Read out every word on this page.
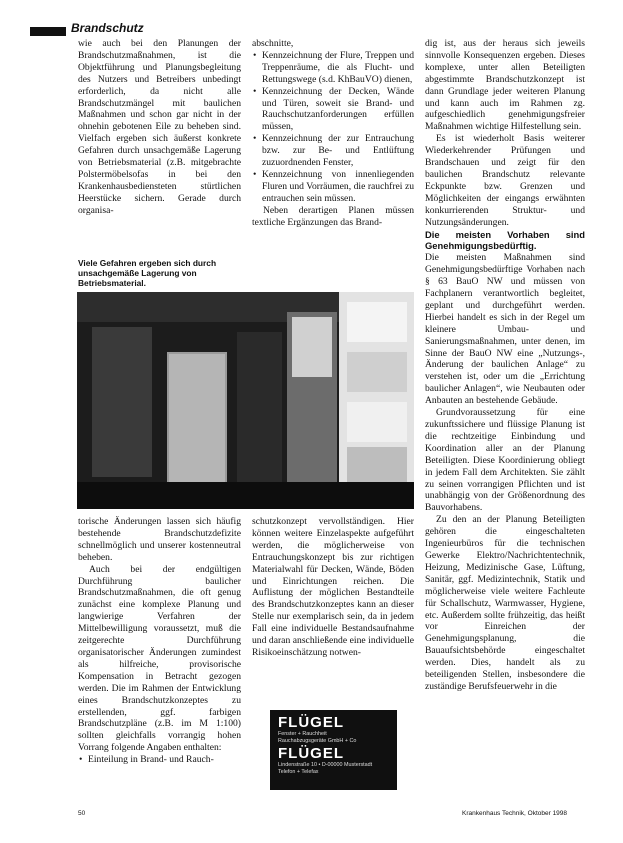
Brandschutz

wie auch bei den Planungen der Brandschutzmaßnahmen, ist die Objektführung und Planungsbegleitung des Nutzers und Betreibers unbedingt erforderlich, da nicht alle Brandschutzmängel mit baulichen Maßnahmen und schon gar nicht in der ohnehin gebotenen Eile zu beheben sind. Vielfach ergeben sich äußerst konkrete Gefahren durch unsachgemäße Lagerung von Betriebsmaterial (z.B. mitgebrachte Polstermöbelsofas in bei den Krankenhausbediensteten stürtlichen Heerstücke sichern. Gerade durch organisa-

Viele Gefahren ergeben sich durch unsachgemäße Lagerung von Betriebsmaterial.

abschnitte,

• Kennzeichnung der Flure, Treppen und Treppenräume, die als Flucht- und Rettungswege (s.d. KhBauVO) dienen,
• Kennzeichnung der Decken, Wände und Türen, soweit sie Brand- und Rauchschutzanforderungen erfüllen müssen,
• Kennzeichnung der zur Entrauchung bzw. zur Be- und Entlüftung zuzuordnenden Fenster,
• Kennzeichnung von innenliegenden Fluren und Vorräumen, die rauchfrei zu entrauchen sein müssen.

Neben derartigen Planen müssen textliche Ergänzungen das Brand-

dig ist, aus der heraus sich jeweils sinnvolle Konsequenzen ergeben. Dieses komplexe, unter allen Beteiligten abgestimmte Brandschutzkonzept ist dann Grundlage jeder weiteren Planung und kann auch im Rahmen zg. aufgeschiedlich genehmigungsfreier Maßnahmen wichtige Hilfestellung sein.

Es ist wiederholt Basis weiterer Wiederkehrender Prüfungen und Brandschauen und zeigt für den baulichen Brandschutz relevante Eckpunkte bzw. Grenzen und Möglichkeiten der eingangs erwähnten konkurrierenden Struktur- und Nutzungsänderungen.

Die meisten Vorhaben sind Genehmigungsbedürftig.

Die meisten Maßnahmen sind Genehmigungsbedürftige Vorhaben nach § 63 BauO NW und müssen von Fachplanern verantwortlich begleitet, geplant und durchgeführt werden. Hierbei handelt es sich in der Regel um kleinere Umbau- und Sanierungsmaßnahmen, unter denen, im Sinne der BauO NW eine „Nutzungs-, Änderung der baulichen Anlage“ zu verstehen ist, oder um die „Errichtung baulicher Anlagen“, wie Neubauten oder Anbauten an bestehende Gebäude.

Grundvoraussetzung für eine zukunftssichere und flüssige Planung ist die rechtzeitige Einbindung und Koordination aller an der Planung Beteiligten. Diese Koordinierung obliegt in jedem Fall dem Architekten. Sie zählt zu seinen vorrangigen Pflichten und ist unabhängig von der Größenordnung des Bauvorhabens.

Zu den an der Planung Beteiligten gehören die eingeschalteten Ingenieurbüros für die technischen Gewerke Elektro/Nachrichtentechnik, Heizung, Medizinische Gase, Lüftung, Sanitär, ggf. Medizintechnik, Statik und möglicherweise viele weitere Fachleute für Schallschutz, Warmwasser, Hygiene, etc. Außerdem sollte frühzeitig, das heißt vor Einreichen der Genehmigungsplanung, die Bauaufsichtsbehörde eingeschaltet werden. Dies, handelt als zu beteiligenden Stellen, insbesondere die zuständige Berufsfeuerwehr in die

torische Änderungen lassen sich häufig bestehende Brandschutzdefizite schnellmöglich und unserer kostenneutral beheben.

Auch bei der endgültigen Durchführung baulicher Brandschutzmaßnahmen, die oft genug zunächst eine komplexe Planung und langwierige Verfahren der Mittelbewilligung voraussetzt, muß die zeitgerechte Durchführung organisatorischer Änderungen zumindest als hilfreiche, provisorische Kompensation in Betracht gezogen werden. Die im Rahmen der Entwicklung eines Brandschutzkonzeptes zu erstellenden, ggf. farbigen Brandschutzpläne (z.B. im M 1:100) sollten gleichfalls vorrangig hohen Vorrang folgende Angaben enthalten:

• Einteilung in Brand- und Rauch-

schutzkonzept vervollständigen. Hier können weitere Einzelaspekte aufgeführt werden, die möglicherweise von Entrauchungskonzept bis zur richtigen Materialwahl für Decken, Wände, Böden und Einrichtungen reichen. Die Auflistung der möglichen Bestandteile des Brandschutzkonzeptes kann an dieser Stelle nur exemplarisch sein, da in jedem Fall eine individuelle Bestandsaufnahme und daran anschließende eine individuelle Risikoeinschätzung notwen-

FLÜGEL
Fenster + Rauchheit
Rauchabzugsgeräte GmbH + Co
FLÜGEL
Lindenstraße 10 • D-00000 Musterstadt
Telefon + Telefax
50	Krankenhaus Technik, Oktober 1998
